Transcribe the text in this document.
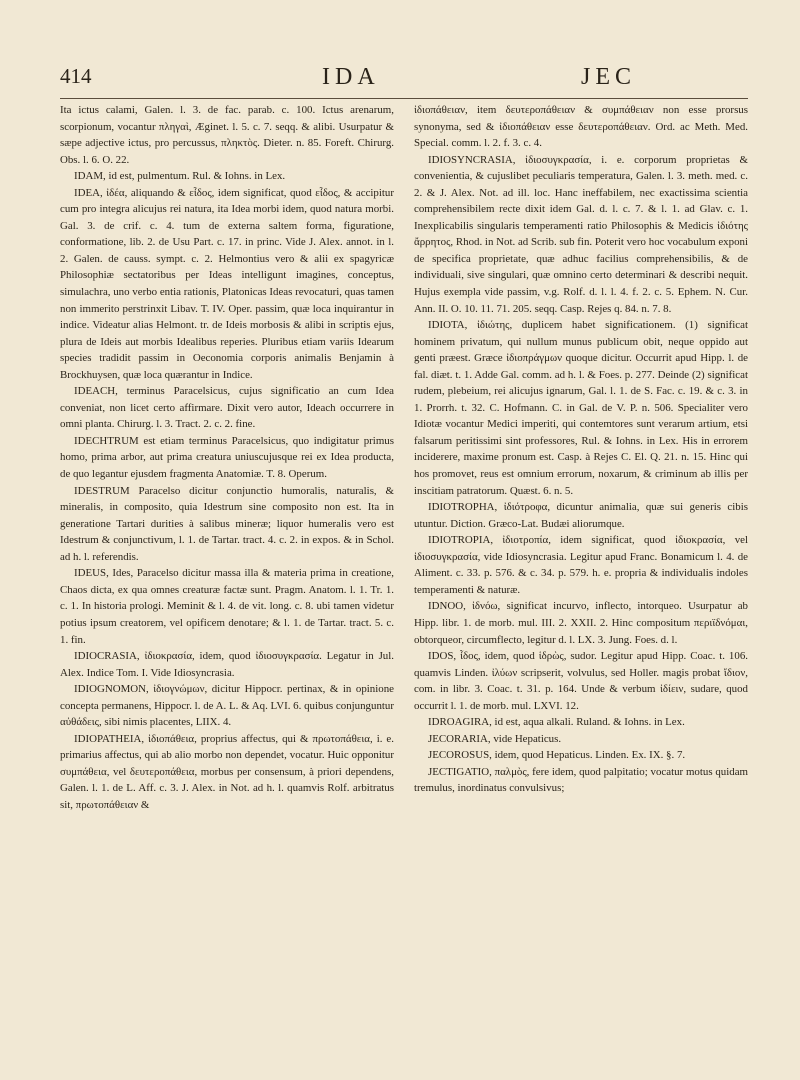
414	IDA	JEC

Ita ictus calami, Galen. l. 3. de fac. parab. c. 100. Ictus arenarum, scorpionum, vocantur πληγαὶ, Æginet. l. 5. c. 7. seqq. & alibi. Usurpatur & sæpe adjective ictus, pro percussus, πληκτὸς. Dieter. n. 85. Foreft. Chirurg. Obs. l. 6. O. 22.

IDAM, id est, pulmentum. Rul. & Iohns. in Lex.

IDEA, ἰδέα, aliquando & εἶδος, idem significat, quod εἶδος, & accipitur cum pro integra alicujus rei natura, ita Idea morbi idem, quod natura morbi. Gal. 3. de crif. c. 4. tum de externa saltem forma, figuratione, conformatione, lib. 2. de Usu Part. c. 17. in princ. Vide J. Alex. annot. in l. 2. Galen. de causs. sympt. c. 2. Helmontius vero & alii ex spagyricæ Philosophiæ sectatoribus per Ideas intelligunt imagines, conceptus, simulachra, uno verbo entia rationis, Platonicas Ideas revocaturi, quas tamen non immerito perstrinxit Libav. T. IV. Oper. passim, quæ loca inquirantur in indice. Videatur alias Helmont. tr. de Ideis morbosis & alibi in scriptis ejus, plura de Ideis aut morbis Idealibus reperies. Pluribus etiam variis Idearum species tradidit passim in Oeconomia corporis animalis Benjamin à Brockhuysen, quæ loca quærantur in Indice.

IDEACH, terminus Paracelsicus, cujus significatio an cum Idea conveniat, non licet certo affirmare. Dixit vero autor, Ideach occurrere in omni planta. Chirurg. l. 3. Tract. 2. c. 2. fine.

IDECHTRUM est etiam terminus Paracelsicus, quo indigitatur primus homo, prima arbor, aut prima creatura uniuscujusque rei ex Idea producta, de quo legantur ejusdem fragmenta Anatomiæ. T. 8. Operum.

IDESTRUM Paracelso dicitur conjunctio humoralis, naturalis, & mineralis, in composito, quia Idestrum sine composito non est. Ita in generatione Tartari durities à salibus mineræ; liquor humeralis vero est Idestrum & conjunctivum, l. 1. de Tartar. tract. 4. c. 2. in expos. & in Schol. ad h. l. referendis.

IDEUS, Ides, Paracelso dicitur massa illa & materia prima in creatione, Chaos dicta, ex qua omnes creaturæ factæ sunt. Pragm. Anatom. l. 1. Tr. 1. c. 1. In historia prologi. Meminit & l. 4. de vit. long. c. 8. ubi tamen videtur potius ipsum creatorem, vel opificem denotare; & l. 1. de Tartar. tract. 5. c. 1. fin.

IDIOCRASIA, ἰδιοκρασία, idem, quod ἰδιοσυγκρασία. Legatur in Jul. Alex. Indice Tom. I. Vide Idiosyncrasia.

IDIOGNOMON, ἰδιογνώμων, dicitur Hippocr. pertinax, & in opinione concepta permanens, Hippocr. l. de A. L. & Aq. LVI. 6. quibus conjunguntur αὐθάδεις, sibi nimis placentes, LIIX. 4.

IDIOPATHEIA, ἰδιοπάθεια, proprius affectus, qui & πρωτοπάθεια, i. e. primarius affectus, qui ab alio morbo non dependet, vocatur. Huic opponitur συμπάθεια, vel δευτεροπάθεια, morbus per consensum, à priori dependens, Galen. l. 1. de L. Aff. c. 3. J. Alex. in Not. ad h. l. quamvis Rolf. arbitratus sit, πρωτοπάθειαν &

ἰδιοπάθειαν, item δευτεροπάθειαν & συμπάθειαν non esse prorsus synonyma, sed & ἰδιοπάθειαν esse δευτεροπάθειαν. Ord. ac Meth. Med. Special. comm. l. 2. f. 3. c. 4.

IDIOSYNCRASIA, ἰδιοσυγκρασία, i. e. corporum proprietas & convenientia, & cujuslibet peculiaris temperatura, Galen. l. 3. meth. med. c. 2. & J. Alex. Not. ad ill. loc. Hanc ineffabilem, nec exactissima scientia comprehensibilem recte dixit idem Gal. d. l. c. 7. & l. 1. ad Glav. c. 1. Inexplicabilis singularis temperamenti ratio Philosophis & Medicis ἰδιότης ἄρρητος, Rhod. in Not. ad Scrib. sub fin. Poterit vero hoc vocabulum exponi de specifica proprietate, quæ adhuc facilius comprehensibilis, & de individuali, sive singulari, quæ omnino certo determinari & describi nequit. Hujus exempla vide passim, v.g. Rolf. d. l. l. 4. f. 2. c. 5. Ephem. N. Cur. Ann. II. O. 10. 11. 71. 205. seqq. Casp. Rejes q. 84. n. 7. 8.

IDIOTA, ἰδιώτης, duplicem habet significationem. (1) significat hominem privatum, qui nullum munus publicum obit, neque oppido aut genti præest. Græce ἰδιοπράγμων quoque dicitur. Occurrit apud Hipp. l. de fal. diæt. t. 1. Adde Gal. comm. ad h. l. & Foes. p. 277. Deinde (2) significat rudem, plebeium, rei alicujus ignarum, Gal. l. 1. de S. Fac. c. 19. & c. 3. in 1. Prorrh. t. 32. C. Hofmann. C. in Gal. de V. P. n. 506. Specialiter vero Idiotæ vocantur Medici imperiti, qui contemtores sunt verarum artium, etsi falsarum peritissimi sint professores, Rul. & Iohns. in Lex. His in errorem inciderere, maxime pronum est. Casp. à Rejes C. El. Q. 21. n. 15. Hinc qui hos promovet, reus est omnium errorum, noxarum, & criminum ab illis per inscitiam patratorum. Quæst. 6. n. 5.

IDIOTROPHA, ἰδιότροφα, dicuntur animalia, quæ sui generis cibis utuntur. Diction. Græco-Lat. Budæi aliorumque.

IDIOTROPIA, ἰδιοτροπία, idem significat, quod ἰδιοκρασία, vel ἰδιοσυγκρασία, vide Idiosyncrasia. Legitur apud Franc. Bonamicum l. 4. de Aliment. c. 33. p. 576. & c. 34. p. 579. h. e. propria & individualis indoles temperamenti & naturæ.

IDNOO, ἰδνόω, significat incurvo, inflecto, intorqueo. Usurpatur ab Hipp. libr. 1. de morb. mul. III. 2. XXII. 2. Hinc compositum περιϊδνόμαι, obtorqueor, circumflecto, legitur d. l. LX. 3. Jung. Foes. d. l.

IDOS, ἶδος, idem, quod ἱδρὼς, sudor. Legitur apud Hipp. Coac. t. 106. quamvis Linden. ἰλύων scripserit, volvulus, sed Holler. magis probat ἴδιον, com. in libr. 3. Coac. t. 31. p. 164. Unde & verbum ἰδίειν, sudare, quod occurrit l. 1. de morb. mul. LXVI. 12.

IDROAGIRA, id est, aqua alkali. Ruland. & Iohns. in Lex.

JECORARIA, vide Hepaticus.

JECOROSUS, idem, quod Hepaticus. Linden. Ex. IX. §. 7.

JECTIGATIO, παλμὸς, fere idem, quod palpitatio; vocatur motus quidam tremulus, inordinatus convulsivus;
